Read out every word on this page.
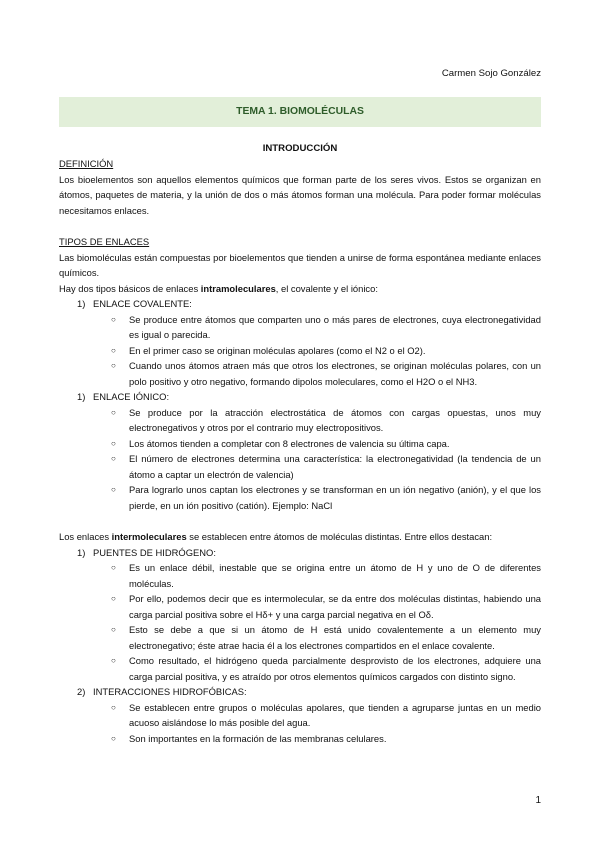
Carmen Sojo González
TEMA 1. BIOMOLÉCULAS
INTRODUCCIÓN
DEFINICIÓN
Los bioelementos son aquellos elementos químicos que forman parte de los seres vivos. Estos se organizan en átomos, paquetes de materia, y la unión de dos o más átomos forman una molécula. Para poder formar moléculas necesitamos enlaces.
TIPOS DE ENLACES
Las biomoléculas están compuestas por bioelementos que tienden a unirse de forma espontánea mediante enlaces químicos.
Hay dos tipos básicos de enlaces intramoleculares, el covalente y el iónico:
1) ENLACE COVALENTE:
○ Se produce entre átomos que comparten uno o más pares de electrones, cuya electronegatividad es igual o parecida.
○ En el primer caso se originan moléculas apolares (como el N2 o el O2).
○ Cuando unos átomos atraen más que otros los electrones, se originan moléculas polares, con un polo positivo y otro negativo, formando dipolos moleculares, como el H2O o el NH3.
1) ENLACE IÓNICO:
○ Se produce por la atracción electrostática de átomos con cargas opuestas, unos muy electronegativos y otros por el contrario muy electropositivos.
○ Los átomos tienden a completar con 8 electrones de valencia su última capa.
○ El número de electrones determina una característica: la electronegatividad (la tendencia de un átomo a captar un electrón de valencia)
○ Para lograrlo unos captan los electrones y se transforman en un ión negativo (anión), y el que los pierde, en un ión positivo (catión). Ejemplo: NaCl
Los enlaces intermoleculares se establecen entre átomos de moléculas distintas. Entre ellos destacan:
1) PUENTES DE HIDRÓGENO:
○ Es un enlace débil, inestable que se origina entre un átomo de H y uno de O de diferentes moléculas.
○ Por ello, podemos decir que es intermolecular, se da entre dos moléculas distintas, habiendo una carga parcial positiva sobre el Hδ+ y una carga parcial negativa en el Oδ.
○ Esto se debe a que si un átomo de H está unido covalentemente a un elemento muy electronegativo; éste atrae hacia él a los electrones compartidos en el enlace covalente.
○ Como resultado, el hidrógeno queda parcialmente desprovisto de los electrones, adquiere una carga parcial positiva, y es atraído por otros elementos químicos cargados con distinto signo.
2) INTERACCIONES HIDROFÓBICAS:
○ Se establecen entre grupos o moléculas apolares, que tienden a agruparse juntas en un medio acuoso aislándose lo más posible del agua.
○ Son importantes en la formación de las membranas celulares.
1
